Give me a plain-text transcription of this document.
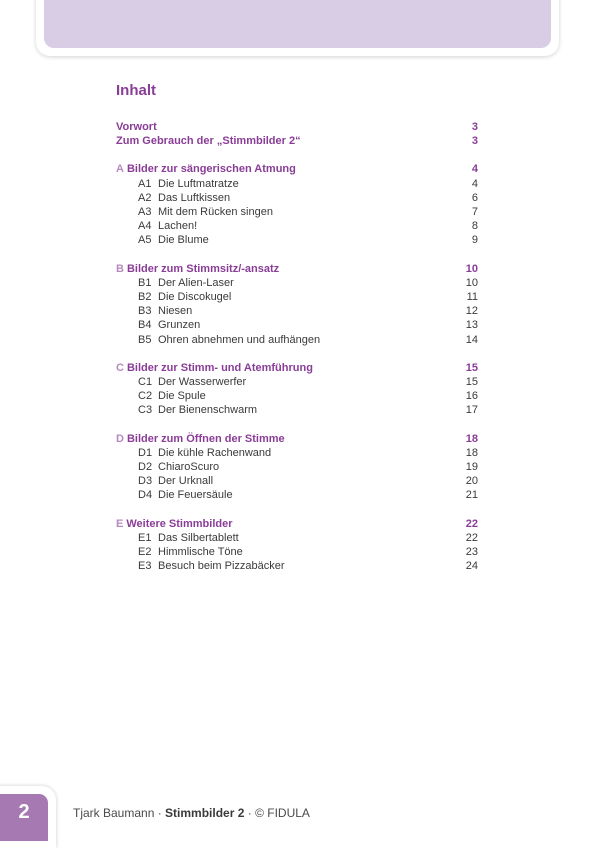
Inhalt
Vorwort	3
Zum Gebrauch der „Stimmbilder 2“	3
A Bilder zur sängerischen Atmung	4
A1 Die Luftmatratze	4
A2 Das Luftkissen	6
A3 Mit dem Rücken singen	7
A4 Lachen!	8
A5 Die Blume	9
B Bilder zum Stimmsitz/-ansatz	10
B1 Der Alien-Laser	10
B2 Die Discokugel	11
B3 Niesen	12
B4 Grunzen	13
B5 Ohren abnehmen und aufhängen	14
C Bilder zur Stimm- und Atemführung	15
C1 Der Wasserwerfer	15
C2 Die Spule	16
C3 Der Bienenschwarm	17
D Bilder zum Öffnen der Stimme	18
D1 Die kühle Rachenwand	18
D2 ChiaroScuro	19
D3 Der Urknall	20
D4 Die Feuersäule	21
E Weitere Stimmbilder	22
E1 Das Silbertablett	22
E2 Himmlische Töne	23
E3 Besuch beim Pizzabäcker	24
2	Tjark Baumann · Stimmbilder 2 · © FIDULA
